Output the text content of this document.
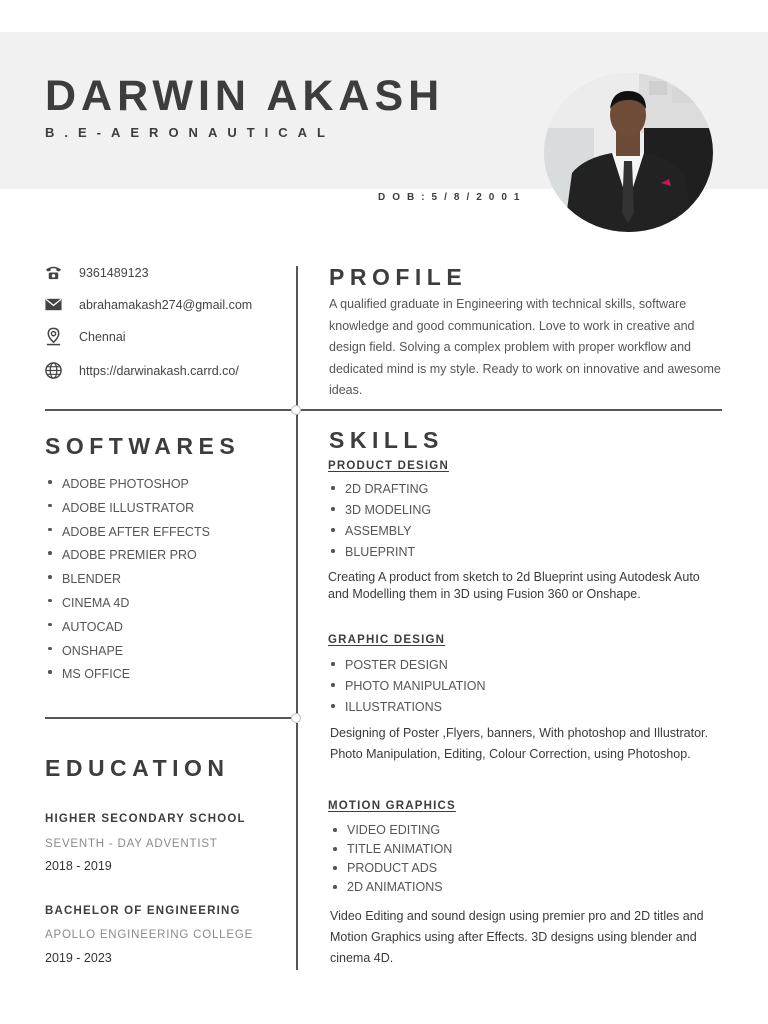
DARWIN AKASH
B.E-AERONAUTICAL
DOB:5/8/2001
9361489123
abrahamakash274@gmail.com
Chennai
https://darwinakash.carrd.co/
PROFILE

A qualified graduate in Engineering with technical skills, software knowledge and good communication. Love to work in creative and design field. Solving a complex problem with proper workflow and dedicated mind is my style. Ready to work on innovative and awesome ideas.

SOFTWARES
ADOBE PHOTOSHOP
ADOBE ILLUSTRATOR
ADOBE AFTER EFFECTS
ADOBE PREMIER PRO
BLENDER
CINEMA 4D
AUTOCAD
ONSHAPE
MS OFFICE
SKILLS
PRODUCT DESIGN
2D DRAFTING
3D MODELING
ASSEMBLY
BLUEPRINT

Creating A product from sketch to 2d Blueprint using Autodesk Auto and Modelling them in 3D using Fusion 360 or Onshape.

GRAPHIC DESIGN
POSTER DESIGN
PHOTO MANIPULATION
ILLUSTRATIONS

Designing of Poster ,Flyers, banners, With photoshop and Illustrator. Photo Manipulation, Editing, Colour Correction, using Photoshop.

MOTION GRAPHICS
VIDEO EDITING
TITLE ANIMATION
PRODUCT ADS
2D ANIMATIONS

Video Editing and sound design using premier pro and 2D titles and Motion Graphics using after Effects. 3D designs using blender and cinema 4D.

EDUCATION
HIGHER SECONDARY SCHOOL
SEVENTH - DAY ADVENTIST
2018 - 2019
BACHELOR OF ENGINEERING
APOLLO ENGINEERING COLLEGE
2019 - 2023
